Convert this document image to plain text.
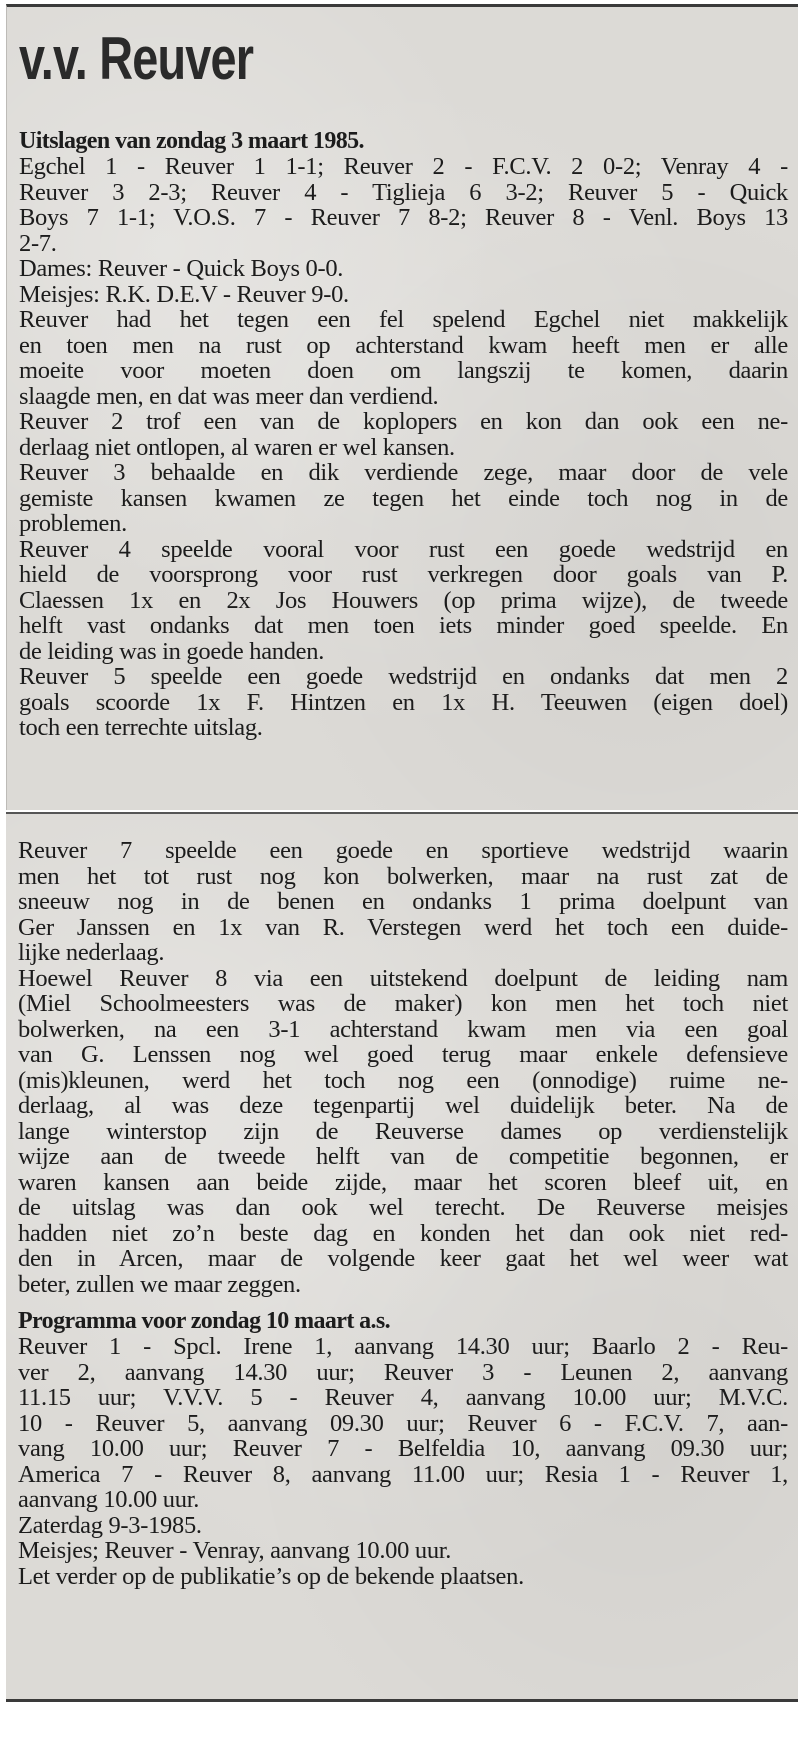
v.v. Reuver
Uitslagen van zondag 3 maart 1985.
Egchel 1 - Reuver 1 1-1; Reuver 2 - F.C.V. 2 0-2; Venray 4 -
Reuver 3 2-3; Reuver 4 - Tiglieja 6 3-2; Reuver 5 - Quick
Boys 7 1-1; V.O.S. 7 - Reuver 7 8-2; Reuver 8 - Venl. Boys 13
2-7.
Dames: Reuver - Quick Boys 0-0.
Meisjes: R.K. D.E.V - Reuver 9-0.
Reuver had het tegen een fel spelend Egchel niet makkelijk
en toen men na rust op achterstand kwam heeft men er alle
moeite voor moeten doen om langszij te komen, daarin
slaagde men, en dat was meer dan verdiend.
Reuver 2 trof een van de koplopers en kon dan ook een ne-
derlaag niet ontlopen, al waren er wel kansen.
Reuver 3 behaalde en dik verdiende zege, maar door de vele
gemiste kansen kwamen ze tegen het einde toch nog in de
problemen.
Reuver 4 speelde vooral voor rust een goede wedstrijd en
hield de voorsprong voor rust verkregen door goals van P.
Claessen 1x en 2x Jos Houwers (op prima wijze), de tweede
helft vast ondanks dat men toen iets minder goed speelde. En
de leiding was in goede handen.
Reuver 5 speelde een goede wedstrijd en ondanks dat men 2
goals scoorde 1x F. Hintzen en 1x H. Teeuwen (eigen doel)
toch een terrechte uitslag.
Reuver 7 speelde een goede en sportieve wedstrijd waarin
men het tot rust nog kon bolwerken, maar na rust zat de
sneeuw nog in de benen en ondanks 1 prima doelpunt van
Ger Janssen en 1x van R. Verstegen werd het toch een duide-
lijke nederlaag.
Hoewel Reuver 8 via een uitstekend doelpunt de leiding nam
(Miel Schoolmeesters was de maker) kon men het toch niet
bolwerken, na een 3-1 achterstand kwam men via een goal
van G. Lenssen nog wel goed terug maar enkele defensieve
(mis)kleunen, werd het toch nog een (onnodige) ruime ne-
derlaag, al was deze tegenpartij wel duidelijk beter. Na de
lange winterstop zijn de Reuverse dames op verdienstelijk
wijze aan de tweede helft van de competitie begonnen, er
waren kansen aan beide zijde, maar het scoren bleef uit, en
de uitslag was dan ook wel terecht. De Reuverse meisjes
hadden niet zo’n beste dag en konden het dan ook niet red-
den in Arcen, maar de volgende keer gaat het wel weer wat
beter, zullen we maar zeggen.
Programma voor zondag 10 maart a.s.
Reuver 1 - Spcl. Irene 1, aanvang 14.30 uur; Baarlo 2 - Reu-
ver 2, aanvang 14.30 uur; Reuver 3 - Leunen 2, aanvang
11.15 uur; V.V.V. 5 - Reuver 4, aanvang 10.00 uur; M.V.C.
10 - Reuver 5, aanvang 09.30 uur; Reuver 6 - F.C.V. 7, aan-
vang 10.00 uur; Reuver 7 - Belfeldia 10, aanvang 09.30 uur;
America 7 - Reuver 8, aanvang 11.00 uur; Resia 1 - Reuver 1,
aanvang 10.00 uur.
Zaterdag 9-3-1985.
Meisjes; Reuver - Venray, aanvang 10.00 uur.
Let verder op de publikatie’s op de bekende plaatsen.
